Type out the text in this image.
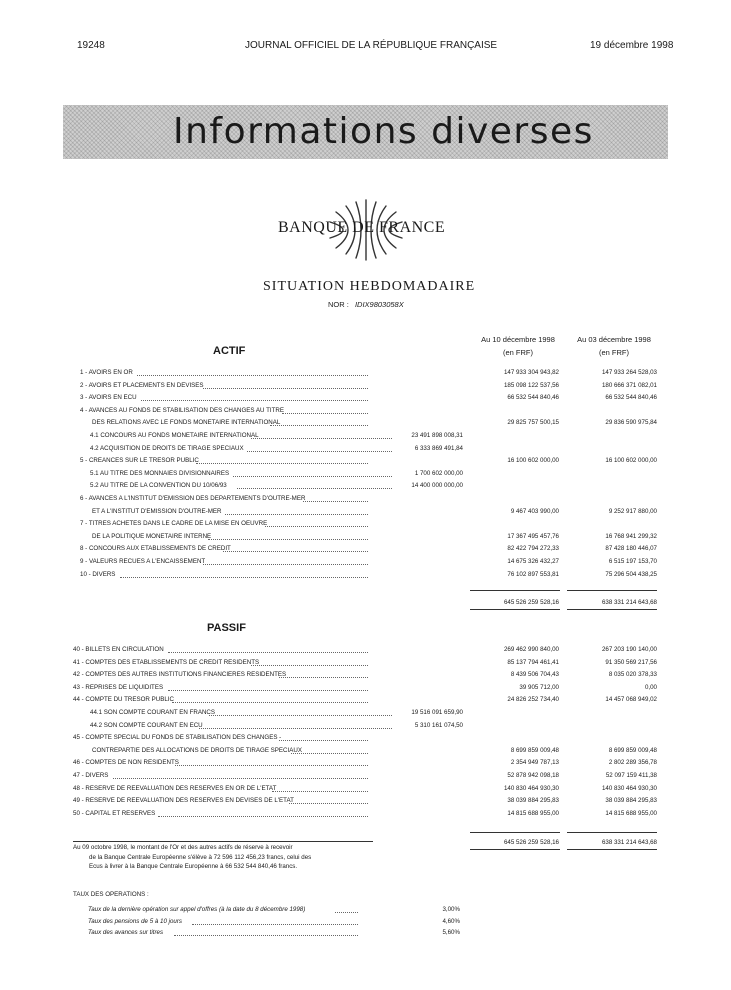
19248	JOURNAL OFFICIEL DE LA RÉPUBLIQUE FRANÇAISE	19 décembre 1998
Informations diverses
BANQUE DE FRANCE
SITUATION HEBDOMADAIRE
NOR : IDIX9803058X
ACTIF
Au 10 décembre 1998
(en FRF)
Au 03 décembre 1998
(en FRF)
1 - AVOIRS EN OR	147 933 304 943,82	147 933 264 528,03
2 - AVOIRS ET PLACEMENTS EN DEVISES	185 098 122 537,56	180 666 371 082,01
3 - AVOIRS EN ECU	66 532 544 840,46	66 532 544 840,46
4 - AVANCES AU FONDS DE STABILISATION DES CHANGES AU TITRE
DES RELATIONS AVEC LE FONDS MONETAIRE INTERNATIONAL	29 825 757 500,15	29 836 590 975,84
4.1 CONCOURS AU FONDS MONETAIRE INTERNATIONAL	23 491 898 008,31
4.2 ACQUISITION DE DROITS DE TIRAGE SPECIAUX	6 333 869 491,84
5 - CREANCES SUR LE TRESOR PUBLIC	16 100 602 000,00	16 100 602 000,00
5.1 AU TITRE DES MONNAIES DIVISIONNAIRES	1 700 602 000,00
5.2 AU TITRE DE LA CONVENTION DU 10/06/93	14 400 000 000,00
6 - AVANCES A L'INSTITUT D'EMISSION DES DEPARTEMENTS D'OUTRE-MER
ET A L'INSTITUT D'EMISSION D'OUTRE-MER	9 467 403 990,00	9 252 917 880,00
7 - TITRES ACHETES DANS LE CADRE DE LA MISE EN OEUVRE
DE LA POLITIQUE MONETAIRE INTERNE	17 367 495 457,76	16 768 941 299,32
8 - CONCOURS AUX ETABLISSEMENTS DE CREDIT	82 422 794 272,33	87 428 180 446,07
9 - VALEURS RECUES A L'ENCAISSEMENT	14 675 326 432,27	6 515 197 153,70
10 - DIVERS	76 102 897 553,81	75 296 504 438,25
645 526 259 528,16	638 331 214 643,68
PASSIF
40 - BILLETS EN CIRCULATION	269 462 990 840,00	267 203 190 140,00
41 - COMPTES DES ETABLISSEMENTS DE CREDIT RESIDENTS	85 137 794 461,41	91 350 569 217,56
42 - COMPTES DES AUTRES INSTITUTIONS FINANCIERES RESIDENTES	8 439 506 704,43	8 035 020 378,33
43 - REPRISES DE LIQUIDITES	39 905 712,00	0,00
44 - COMPTE DU TRESOR PUBLIC	24 826 252 734,40	14 457 068 949,02
44.1 SON COMPTE COURANT EN FRANCS	19 516 091 659,90
44.2 SON COMPTE COURANT EN ECU	5 310 161 074,50
45 - COMPTE SPECIAL DU FONDS DE STABILISATION DES CHANGES -
CONTREPARTIE DES ALLOCATIONS DE DROITS DE TIRAGE SPECIAUX	8 699 859 009,48	8 699 859 009,48
46 - COMPTES DE NON RESIDENTS	2 354 949 787,13	2 802 289 356,78
47 - DIVERS	52 878 942 098,18	52 097 159 411,38
48 - RESERVE DE REEVALUATION DES RESERVES EN OR DE L'ETAT	140 830 464 930,30	140 830 464 930,30
49 - RESERVE DE REEVALUATION DES RESERVES EN DEVISES DE L'ETAT	38 039 884 295,83	38 039 884 295,83
50 - CAPITAL ET RESERVES	14 815 688 955,00	14 815 688 955,00
645 526 259 528,16	638 331 214 643,68
Au 09 octobre 1998, le montant de l'Or et des autres actifs de réserve à recevoir
de la Banque Centrale Européenne s'élève à 72 596 112 456,23 francs, celui des
Ecus à livrer à la Banque Centrale Européenne à 66 532 544 840,46 francs.
TAUX DES OPERATIONS :
Taux de la dernière opération sur appel d'offres (à la date du 8 décembre 1998)	3,00%
Taux des pensions de 5 à 10 jours	4,60%
Taux des avances sur titres	5,60%
